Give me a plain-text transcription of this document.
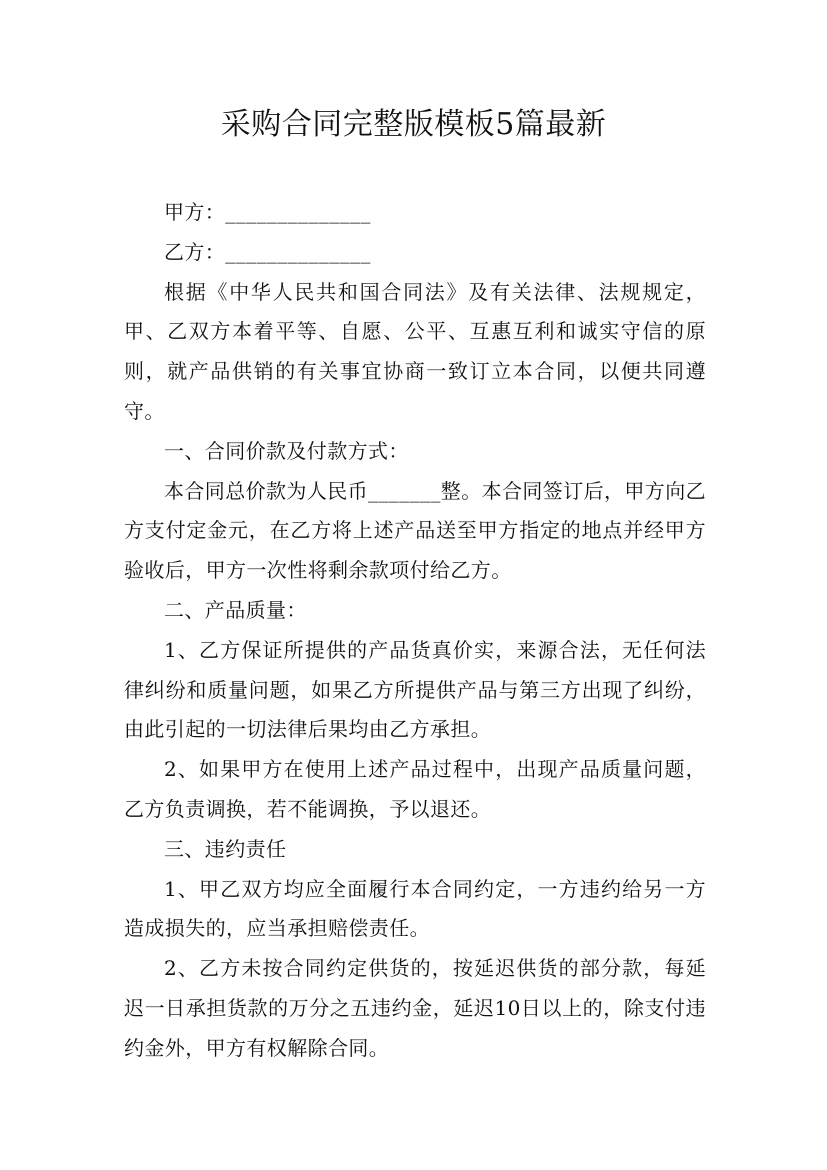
采购合同完整版模板5篇最新

甲方：______________

乙方：______________

根据《中华人民共和国合同法》及有关法律、法规规定，甲、乙双方本着平等、自愿、公平、互惠互利和诚实守信的原则，就产品供销的有关事宜协商一致订立本合同，以便共同遵守。

一、合同价款及付款方式：

本合同总价款为人民币_______整。本合同签订后，甲方向乙方支付定金元，在乙方将上述产品送至甲方指定的地点并经甲方验收后，甲方一次性将剩余款项付给乙方。

二、产品质量：

1、乙方保证所提供的产品货真价实，来源合法，无任何法律纠纷和质量问题，如果乙方所提供产品与第三方出现了纠纷，由此引起的一切法律后果均由乙方承担。

2、如果甲方在使用上述产品过程中，出现产品质量问题，乙方负责调换，若不能调换，予以退还。

三、违约责任

1、甲乙双方均应全面履行本合同约定，一方违约给另一方造成损失的，应当承担赔偿责任。

2、乙方未按合同约定供货的，按延迟供货的部分款，每延迟一日承担货款的万分之五违约金，延迟10日以上的，除支付违约金外，甲方有权解除合同。
